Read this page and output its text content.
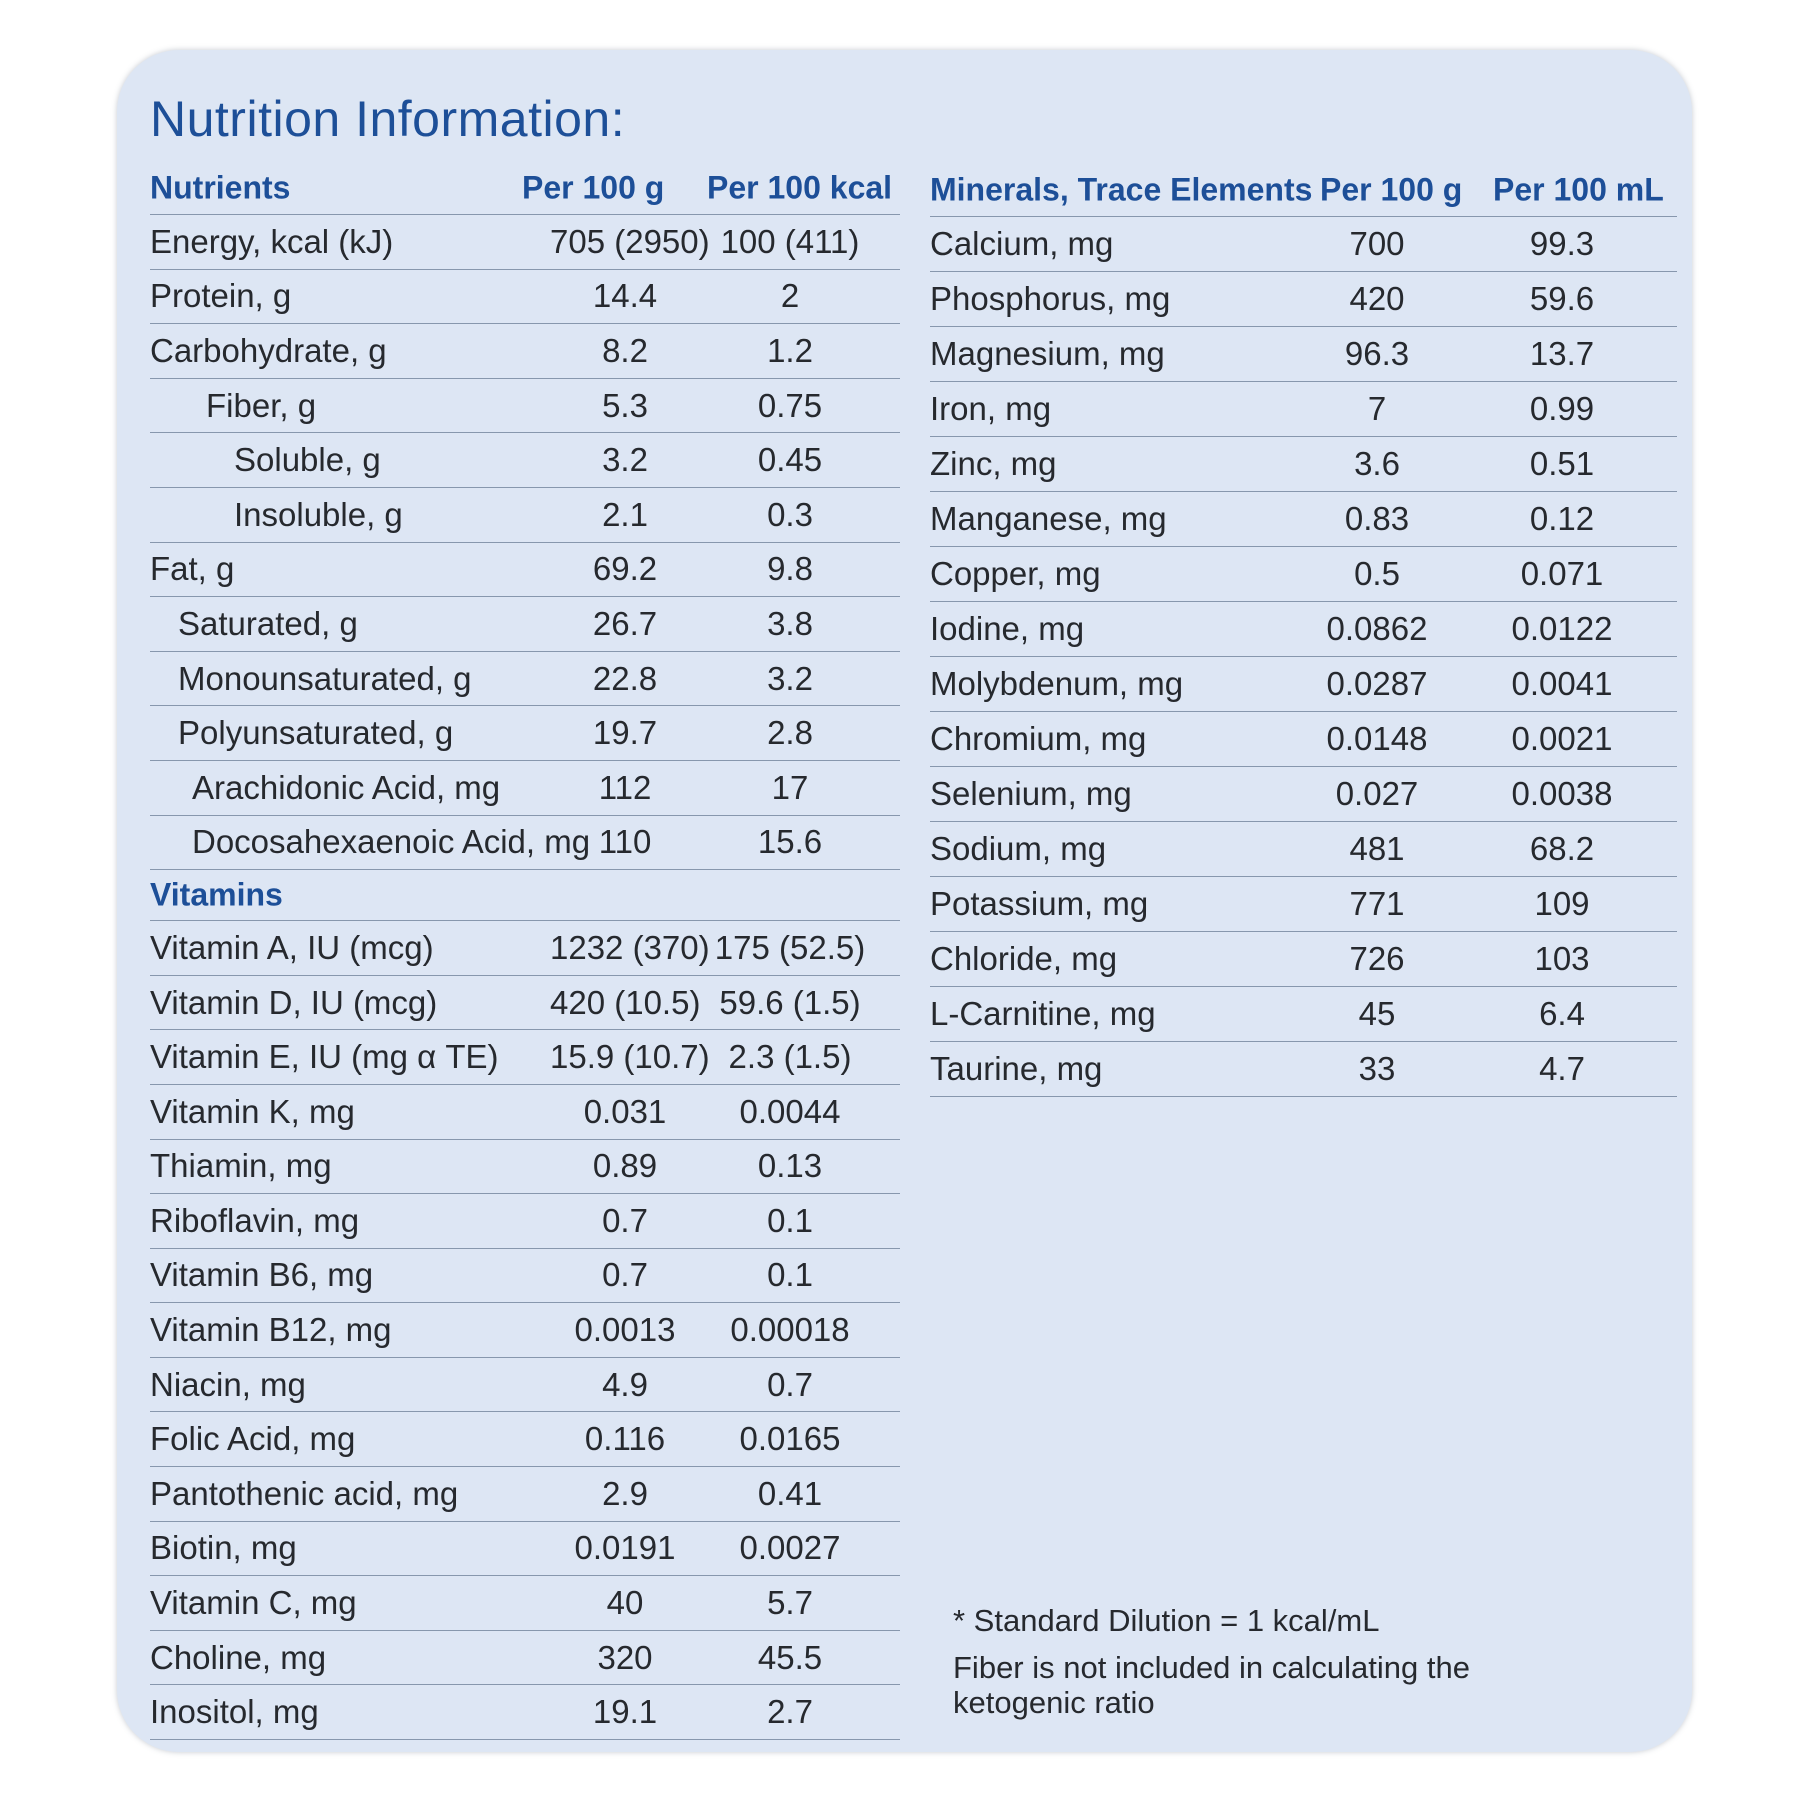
Nutrition Information:
Nutrients	Per 100 g Per 100 kcal
Energy, kcal (kJ)	705 (2950) 100 (411)
Protein, g	14.4	2
Carbohydrate, g	8.2	1.2
Fiber, g	5.3	0.75
Soluble, g	3.2	0.45
Insoluble, g	2.1	0.3
Fat, g	69.2	9.8
Saturated, g	26.7	3.8
Monounsaturated, g	22.8	3.2
Polyunsaturated, g	19.7	2.8
Arachidonic Acid, mg	112	17
Docosahexaenoic Acid, mg 110	15.6
Vitamins
Vitamin A, IU (mcg)	1232 (370) 175 (52.5)
Vitamin D, IU (mcg)	420 (10.5) 59.6 (1.5)
Vitamin E, IU (mg α TE) 15.9 (10.7) 2.3 (1.5)
Vitamin K, mg	0.031	0.0044
Thiamin, mg	0.89	0.13
Riboflavin, mg	0.7	0.1
Vitamin B6, mg	0.7	0.1
Vitamin B12, mg	0.0013	0.00018
Niacin, mg	4.9	0.7
Folic Acid, mg	0.116	0.0165
Pantothenic acid, mg	2.9	0.41
Biotin, mg	0.0191	0.0027
Vitamin C, mg	40	5.7
Choline, mg	320	45.5
Inositol, mg	19.1	2.7
Minerals, Trace Elements Per 100 g Per 100 mL
Calcium, mg	700	99.3
Phosphorus, mg	420	59.6
Magnesium, mg	96.3	13.7
Iron, mg	7	0.99
Zinc, mg	3.6	0.51
Manganese, mg	0.83	0.12
Copper, mg	0.5	0.071
Iodine, mg	0.0862	0.0122
Molybdenum, mg	0.0287	0.0041
Chromium, mg	0.0148	0.0021
Selenium, mg	0.027	0.0038
Sodium, mg	481	68.2
Potassium, mg	771	109
Chloride, mg	726	103
L-Carnitine, mg	45	6.4
Taurine, mg	33	4.7
* Standard Dilution = 1 kcal/mL
Fiber is not included in calculating the ketogenic ratio
